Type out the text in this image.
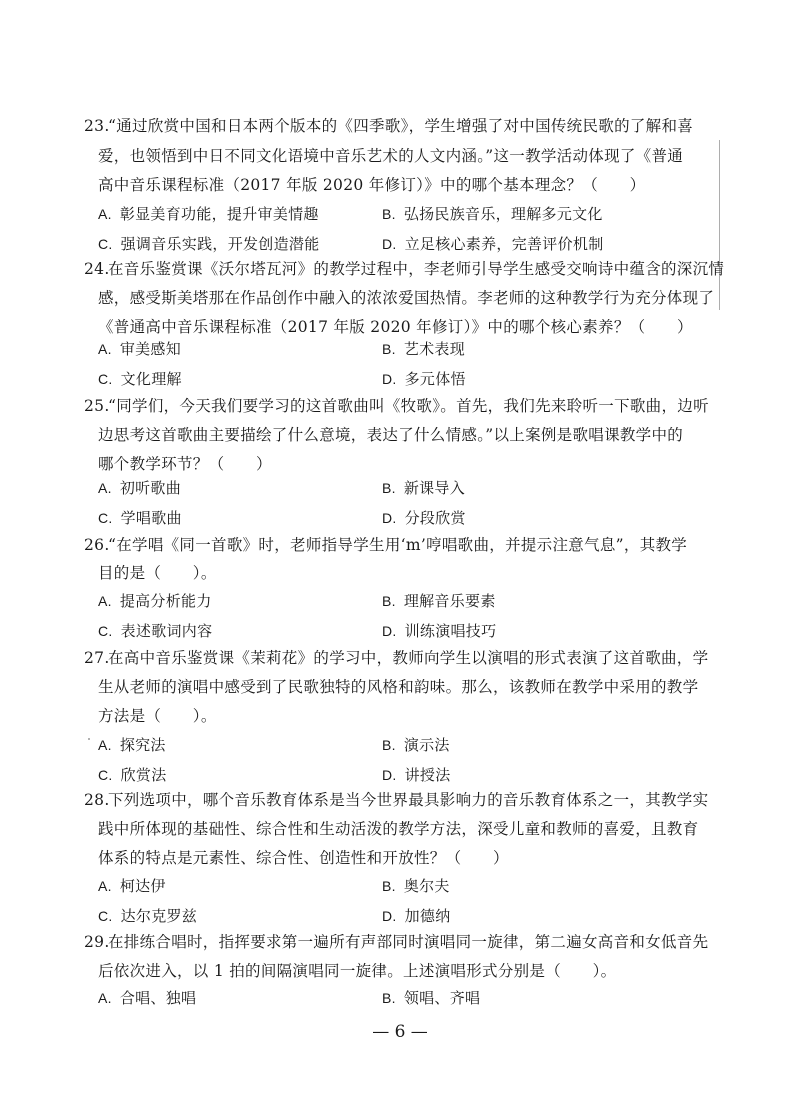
23.“通过欣赏中国和日本两个版本的《四季歌》，学生增强了对中国传统民歌的了解和喜
爱，也领悟到中日不同文化语境中音乐艺术的人文内涵。”这一教学活动体现了《普通
高中音乐课程标准（2017 年版 2020 年修订）》中的哪个基本理念？（　　）
A. 彰显美育功能，提升审美情趣	B. 弘扬民族音乐，理解多元文化
C. 强调音乐实践，开发创造潜能	D. 立足核心素养，完善评价机制
24.在音乐鉴赏课《沃尔塔瓦河》的教学过程中，李老师引导学生感受交响诗中蕴含的深沉情
感，感受斯美塔那在作品创作中融入的浓浓爱国热情。李老师的这种教学行为充分体现了
《普通高中音乐课程标准（2017 年版 2020 年修订）》中的哪个核心素养？（　　）
A. 审美感知	B. 艺术表现
C. 文化理解	D. 多元体悟
25.“同学们，今天我们要学习的这首歌曲叫《牧歌》。首先，我们先来聆听一下歌曲，边听
边思考这首歌曲主要描绘了什么意境，表达了什么情感。”以上案例是歌唱课教学中的
哪个教学环节？（　　）
A. 初听歌曲	B. 新课导入
C. 学唱歌曲	D. 分段欣赏
26.“在学唱《同一首歌》时，老师指导学生用‘m’哼唱歌曲，并提示注意气息”，其教学
目的是（　　）。
A. 提高分析能力	B. 理解音乐要素
C. 表述歌词内容	D. 训练演唱技巧
27.在高中音乐鉴赏课《茉莉花》的学习中，教师向学生以演唱的形式表演了这首歌曲，学
生从老师的演唱中感受到了民歌独特的风格和韵味。那么，该教师在教学中采用的教学
方法是（　　）。
A. 探究法	B. 演示法
C. 欣赏法	D. 讲授法
28.下列选项中，哪个音乐教育体系是当今世界最具影响力的音乐教育体系之一，其教学实
践中所体现的基础性、综合性和生动活泼的教学方法，深受儿童和教师的喜爱，且教育
体系的特点是元素性、综合性、创造性和开放性？（　　）
A. 柯达伊	B. 奥尔夫
C. 达尔克罗兹	D. 加德纳
29.在排练合唱时，指挥要求第一遍所有声部同时演唱同一旋律，第二遍女高音和女低音先
后依次进入，以 1 拍的间隔演唱同一旋律。上述演唱形式分别是（　　）。
A. 合唱、独唱	B. 领唱、齐唱
— 6 —
